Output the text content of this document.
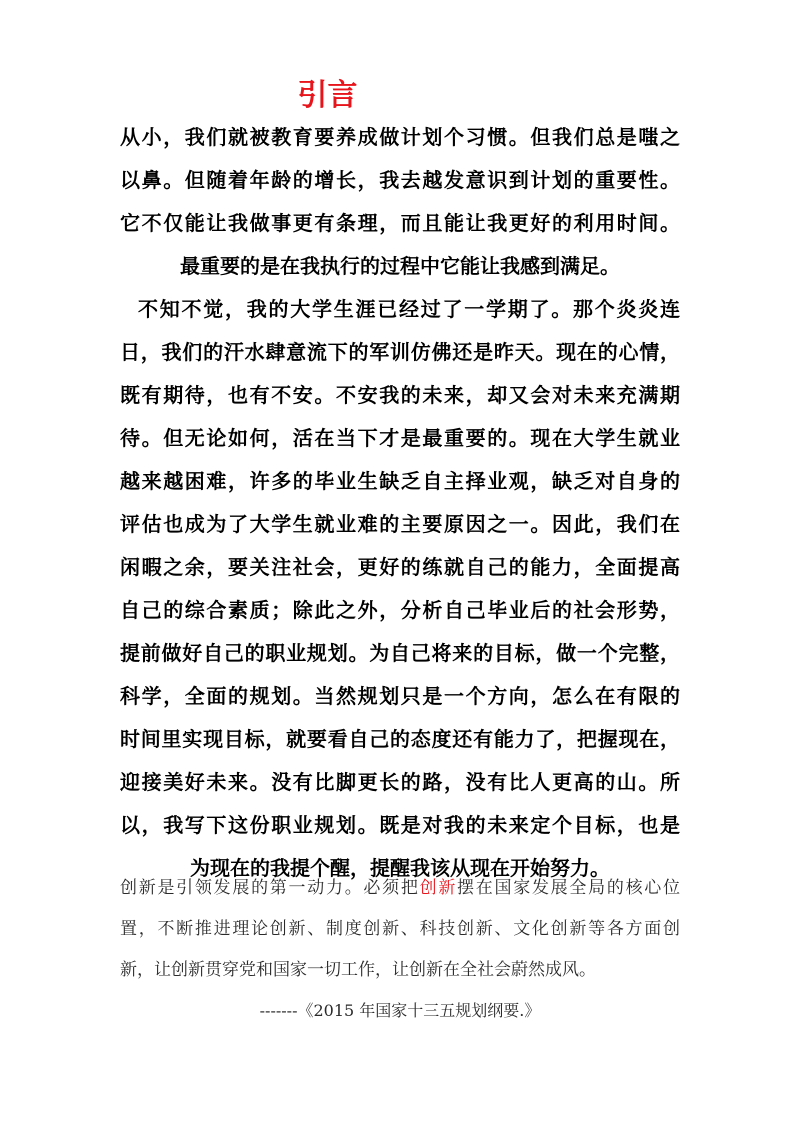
引言
从小，我们就被教育要养成做计划个习惯。但我们总是嗤之
以鼻。但随着年龄的增长，我去越发意识到计划的重要性。
它不仅能让我做事更有条理，而且能让我更好的利用时间。
最重要的是在我执行的过程中它能让我感到满足。
不知不觉，我的大学生涯已经过了一学期了。那个炎炎连
日，我们的汗水肆意流下的军训仿佛还是昨天。现在的心情，
既有期待，也有不安。不安我的未来，却又会对未来充满期
待。但无论如何，活在当下才是最重要的。现在大学生就业
越来越困难，许多的毕业生缺乏自主择业观，缺乏对自身的
评估也成为了大学生就业难的主要原因之一。因此，我们在
闲暇之余，要关注社会，更好的练就自己的能力，全面提高
自己的综合素质；除此之外，分析自己毕业后的社会形势，
提前做好自己的职业规划。为自己将来的目标，做一个完整，
科学，全面的规划。当然规划只是一个方向，怎么在有限的
时间里实现目标，就要看自己的态度还有能力了，把握现在，
迎接美好未来。没有比脚更长的路，没有比人更高的山。所
以，我写下这份职业规划。既是对我的未来定个目标，也是
为现在的我提个醒，提醒我该从现在开始努力。
创新是引领发展的第一动力。必须把创新摆在国家发展全局的核心位
置，不断推进理论创新、制度创新、科技创新、文化创新等各方面创
新，让创新贯穿党和国家一切工作，让创新在全社会蔚然成风。
-------《2015 年国家十三五规划纲要.》
